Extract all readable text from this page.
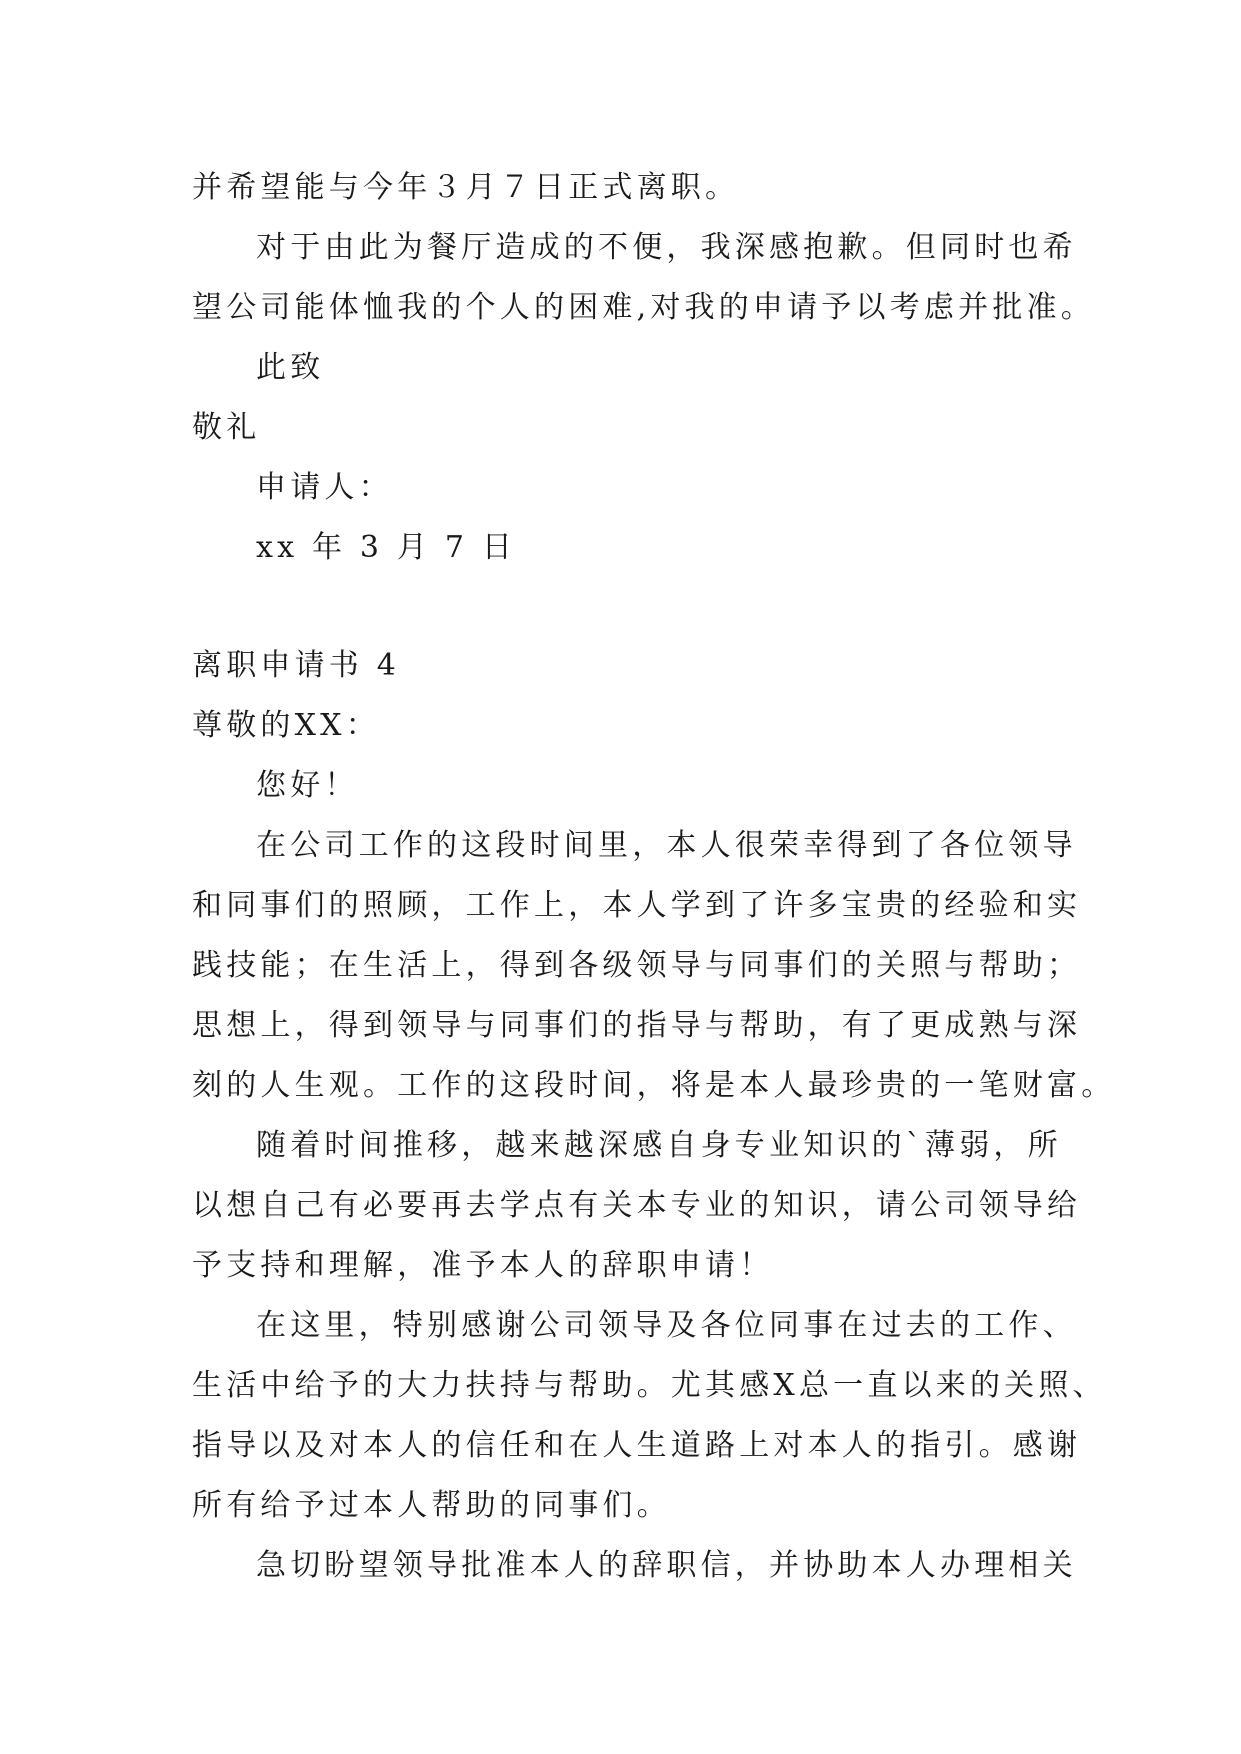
并希望能与今年３月７日正式离职。
对于由此为餐厅造成的不便，我深感抱歉。但同时也希
望公司能体恤我的个人的困难,对我的申请予以考虑并批准。
此致
敬礼
申请人：
xx 年 3 月 7 日
离职申请书 4
尊敬的XX：
您好！
在公司工作的这段时间里，本人很荣幸得到了各位领导
和同事们的照顾，工作上，本人学到了许多宝贵的经验和实
践技能；在生活上，得到各级领导与同事们的关照与帮助；
思想上，得到领导与同事们的指导与帮助，有了更成熟与深
刻的人生观。工作的这段时间，将是本人最珍贵的一笔财富。
随着时间推移，越来越深感自身专业知识的`薄弱，所
以想自己有必要再去学点有关本专业的知识，请公司领导给
予支持和理解，准予本人的辞职申请！
在这里，特别感谢公司领导及各位同事在过去的工作、
生活中给予的大力扶持与帮助。尤其感X总一直以来的关照、
指导以及对本人的信任和在人生道路上对本人的指引。感谢
所有给予过本人帮助的同事们。
急切盼望领导批准本人的辞职信，并协助本人办理相关
